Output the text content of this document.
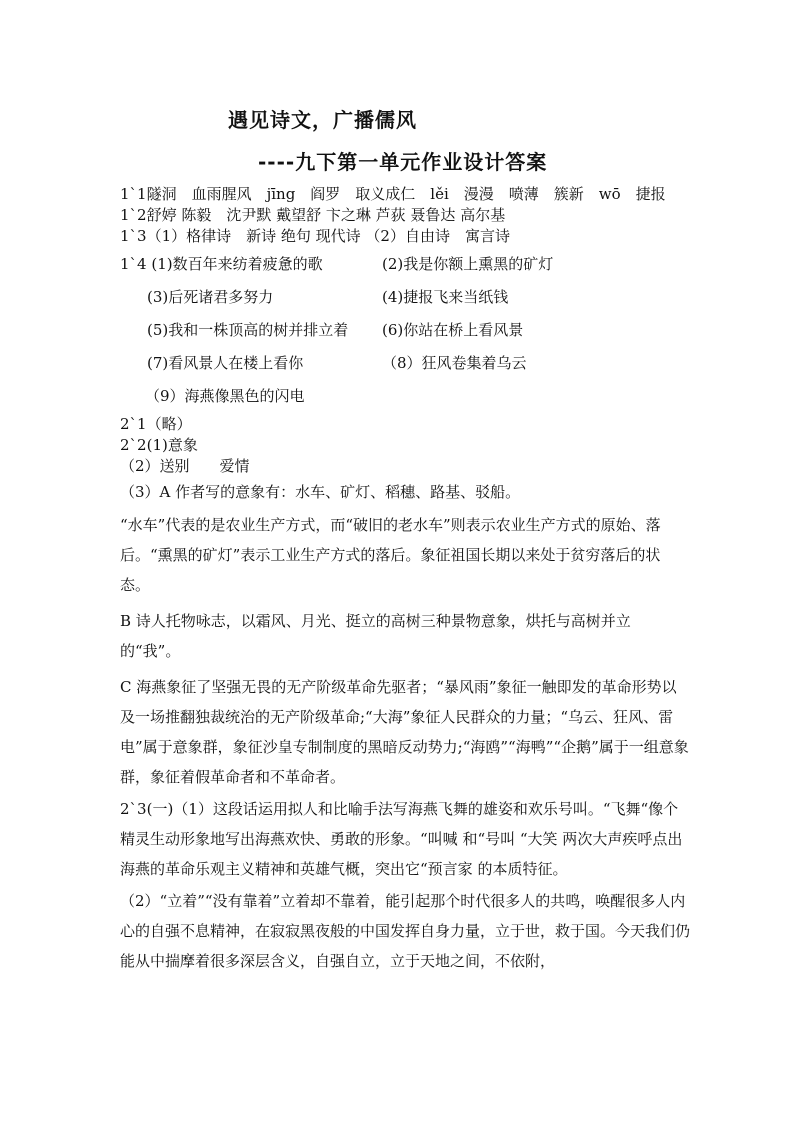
遇见诗文，广播儒风
----九下第一单元作业设计答案
1`1隧洞　血雨腥风　jīng　阎罗　取义成仁　lěi　漫漫　喷薄　簇新　wō　捷报
1`2舒婷 陈毅　沈尹默 戴望舒 卞之琳 芦荻 聂鲁达 高尔基
1`3（1）格律诗　新诗 绝句 现代诗 （2）自由诗　寓言诗
1`4 (1)数百年来纺着疲惫的歌	(2)我是你额上熏黑的矿灯
(3)后死诸君多努力	(4)捷报飞来当纸钱
(5)我和一株顶高的树并排立着	(6)你站在桥上看风景
(7)看风景人在楼上看你	（8）狂风卷集着乌云
（9）海燕像黑色的闪电
2`1（略）
2`2(1)意象
（2）送别　　爱情
（3）A 作者写的意象有：水车、矿灯、稻穗、路基、驳船。
“水车”代表的是农业生产方式，而“破旧的老水车”则表示农业生产方式的原始、落后。“熏黑的矿灯”表示工业生产方式的落后。象征祖国长期以来处于贫穷落后的状态。
B 诗人托物咏志，以霜风、月光、挺立的高树三种景物意象，烘托与高树并立的“我”。
C 海燕象征了坚强无畏的无产阶级革命先驱者；“暴风雨”象征一触即发的革命形势以及一场推翻独裁统治的无产阶级革命;“大海”象征人民群众的力量；“乌云、狂风、雷电”属于意象群，象征沙皇专制制度的黑暗反动势力;“海鸥”“海鸭”“企鹅”属于一组意象群，象征着假革命者和不革命者。
2`3(一)（1）这段话运用拟人和比喻手法写海燕飞舞的雄姿和欢乐号叫。“飞舞“像个精灵生动形象地写出海燕欢快、勇敢的形象。“叫喊 和“号叫 “大笑 两次大声疾呼点出海燕的革命乐观主义精神和英雄气概，突出它“预言家 的本质特征。
（2）“立着”“没有靠着”立着却不靠着，能引起那个时代很多人的共鸣，唤醒很多人内心的自强不息精神，在寂寂黑夜般的中国发挥自身力量，立于世，救于国。今天我们仍能从中揣摩着很多深层含义，自强自立，立于天地之间，不依附，
